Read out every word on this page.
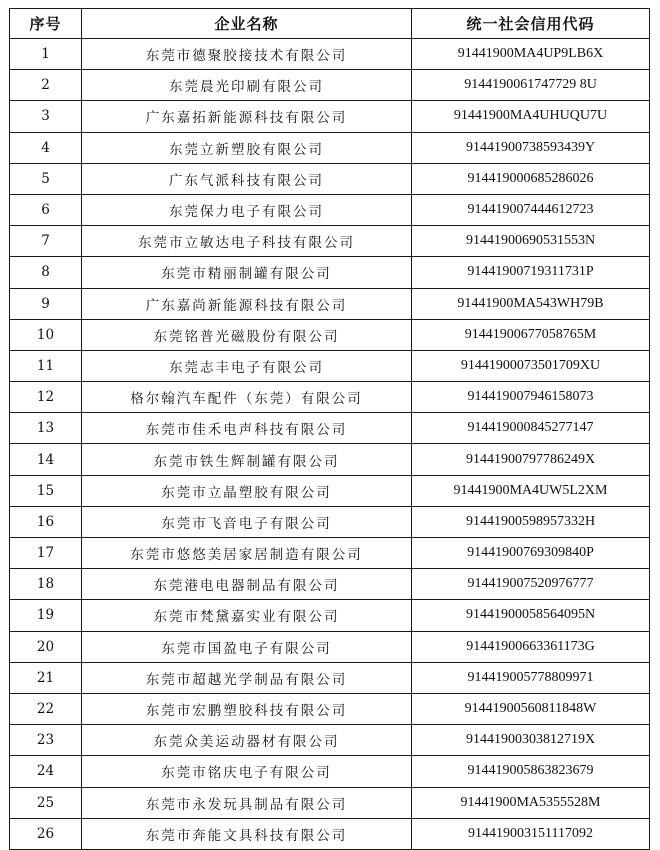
序号	企业名称	统一社会信用代码
1	东莞市德聚胶接技术有限公司	91441900MA4UP9LB6X
2	东莞晨光印刷有限公司	9144190061747729 8U
3	广东嘉拓新能源科技有限公司	91441900MA4UHUQU7U
4	东莞立新塑胶有限公司	91441900738593439Y
5	广东气派科技有限公司	914419000685286026
6	东莞保力电子有限公司	914419007444612723
7	东莞市立敏达电子科技有限公司	91441900690531553N
8	东莞市精丽制罐有限公司	91441900719311731P
9	广东嘉尚新能源科技有限公司	91441900MA543WH79B
10	东莞铭普光磁股份有限公司	91441900677058765M
11	东莞志丰电子有限公司	91441900073501709XU
12	格尔翰汽车配件（东莞）有限公司	914419007946158073
13	东莞市佳禾电声科技有限公司	914419000845277147
14	东莞市铁生辉制罐有限公司	91441900797786249X
15	东莞市立晶塑胶有限公司	91441900MA4UW5L2XM
16	东莞市飞音电子有限公司	91441900598957332H
17	东莞市悠悠美居家居制造有限公司	91441900769309840P
18	东莞港电电器制品有限公司	914419007520976777
19	东莞市梵黛嘉实业有限公司	91441900058564095N
20	东莞市国盈电子有限公司	91441900663361173G
21	东莞市超越光学制品有限公司	914419005778809971
22	东莞市宏鹏塑胶科技有限公司	91441900560811848W
23	东莞众美运动器材有限公司	91441900303812719X
24	东莞市铭庆电子有限公司	914419005863823679
25	东莞市永发玩具制品有限公司	91441900MA5355528M
26	东莞市奔能文具科技有限公司	914419003151117092
